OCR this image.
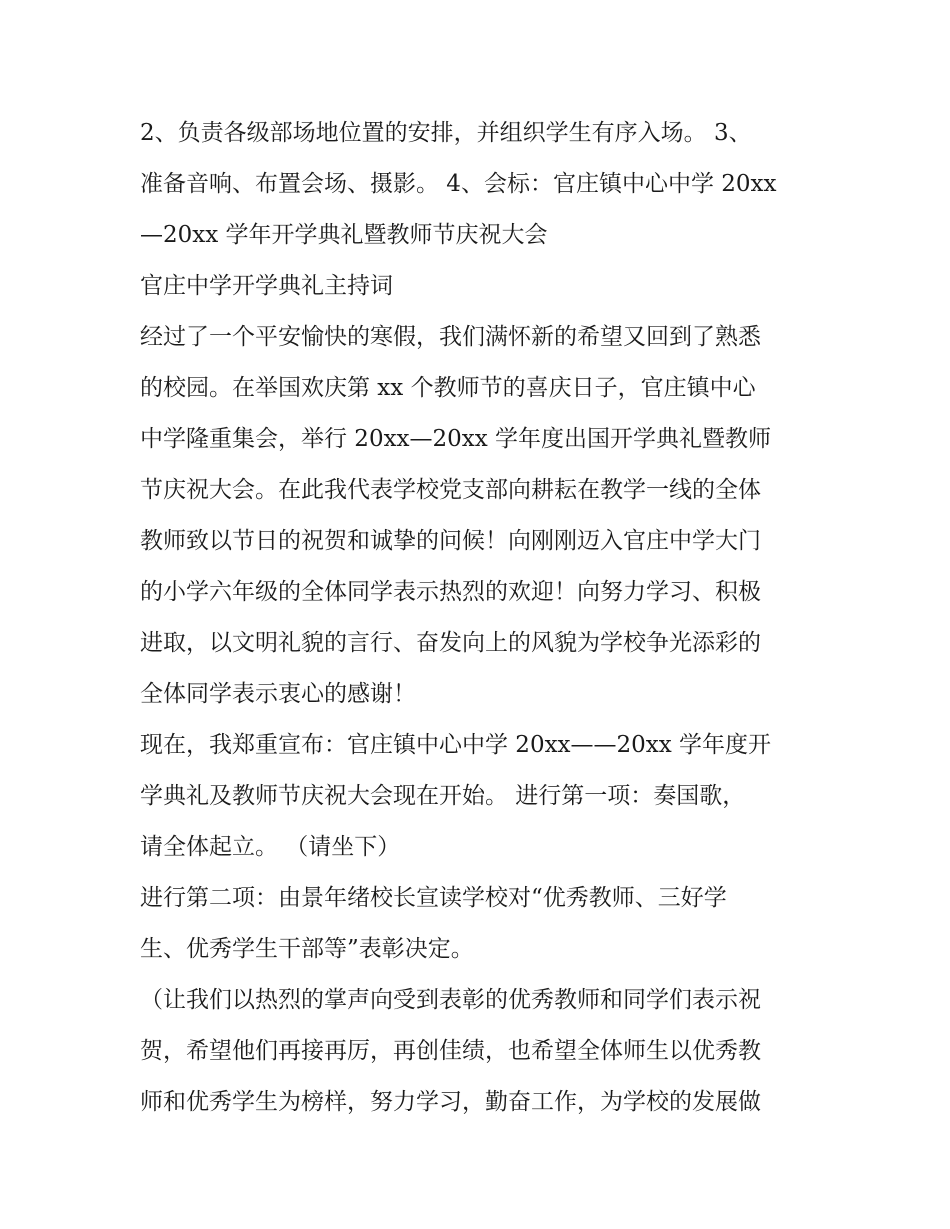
2、负责各级部场地位置的安排，并组织学生有序入场。 3、
准备音响、布置会场、摄影。 4、会标：官庄镇中心中学 20xx
—20xx 学年开学典礼暨教师节庆祝大会
官庄中学开学典礼主持词
经过了一个平安愉快的寒假，我们满怀新的希望又回到了熟悉
的校园。在举国欢庆第 xx 个教师节的喜庆日子，官庄镇中心
中学隆重集会，举行 20xx—20xx 学年度出国开学典礼暨教师
节庆祝大会。在此我代表学校党支部向耕耘在教学一线的全体
教师致以节日的祝贺和诚挚的问候！向刚刚迈入官庄中学大门
的小学六年级的全体同学表示热烈的欢迎！向努力学习、积极
进取，以文明礼貌的言行、奋发向上的风貌为学校争光添彩的
全体同学表示衷心的感谢！
现在，我郑重宣布：官庄镇中心中学 20xx——20xx 学年度开
学典礼及教师节庆祝大会现在开始。 进行第一项：奏国歌，
请全体起立。 （请坐下）
进行第二项：由景年绪校长宣读学校对“优秀教师、三好学
生、优秀学生干部等”表彰决定。
（让我们以热烈的掌声向受到表彰的优秀教师和同学们表示祝
贺，希望他们再接再厉，再创佳绩，也希望全体师生以优秀教
师和优秀学生为榜样，努力学习，勤奋工作，为学校的发展做
